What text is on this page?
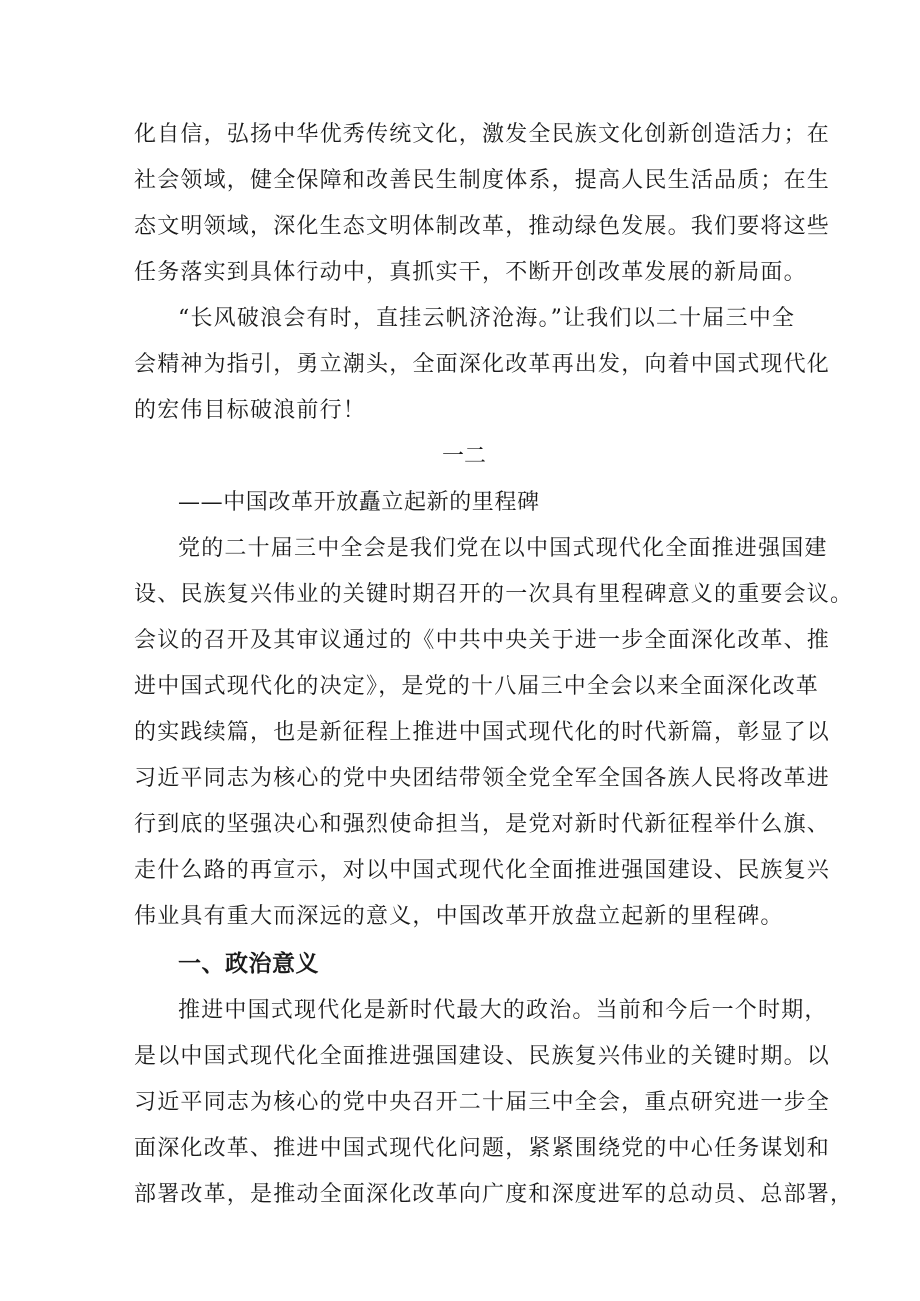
化自信，弘扬中华优秀传统文化，激发全民族文化创新创造活力；在
社会领域，健全保障和改善民生制度体系，提高人民生活品质；在生
态文明领域，深化生态文明体制改革，推动绿色发展。我们要将这些
任务落实到具体行动中，真抓实干，不断开创改革发展的新局面。
“长风破浪会有时，直挂云帆济沧海。”让我们以二十届三中全
会精神为指引，勇立潮头，全面深化改革再出发，向着中国式现代化
的宏伟目标破浪前行！
一二
——中国改革开放矗立起新的里程碑
党的二十届三中全会是我们党在以中国式现代化全面推进强国建
设、民族复兴伟业的关键时期召开的一次具有里程碑意义的重要会议。
会议的召开及其审议通过的《中共中央关于进一步全面深化改革、推
进中国式现代化的决定》，是党的十八届三中全会以来全面深化改革
的实践续篇，也是新征程上推进中国式现代化的时代新篇，彰显了以
习近平同志为核心的党中央团结带领全党全军全国各族人民将改革进
行到底的坚强决心和强烈使命担当，是党对新时代新征程举什么旗、
走什么路的再宣示，对以中国式现代化全面推进强国建设、民族复兴
伟业具有重大而深远的意义，中国改革开放盘立起新的里程碑。
一、政治意义
推进中国式现代化是新时代最大的政治。当前和今后一个时期，
是以中国式现代化全面推进强国建设、民族复兴伟业的关键时期。以
习近平同志为核心的党中央召开二十届三中全会，重点研究进一步全
面深化改革、推进中国式现代化问题，紧紧围绕党的中心任务谋划和
部署改革，是推动全面深化改革向广度和深度进军的总动员、总部署，
